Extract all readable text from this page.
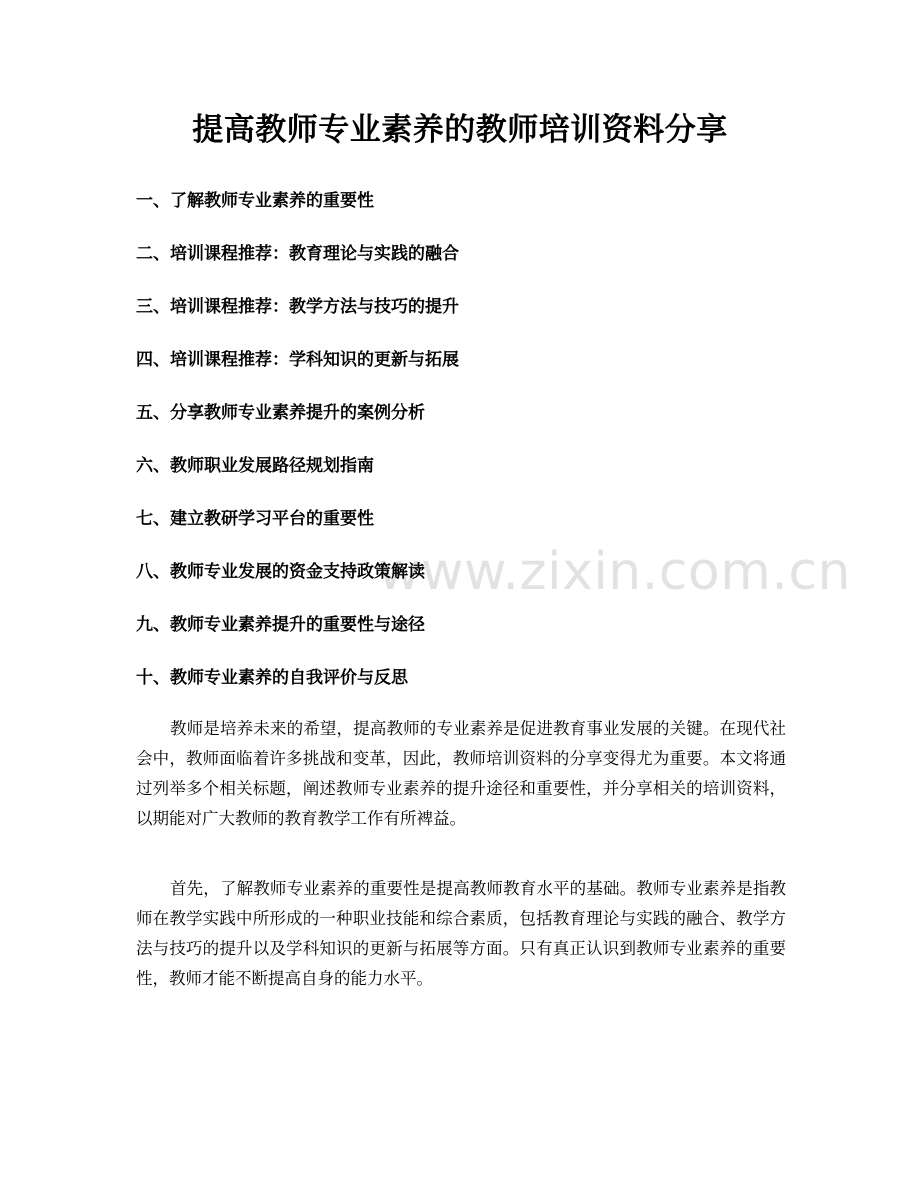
www.zixin.com.cn
提高教师专业素养的教师培训资料分享
一、了解教师专业素养的重要性
二、培训课程推荐：教育理论与实践的融合
三、培训课程推荐：教学方法与技巧的提升
四、培训课程推荐：学科知识的更新与拓展
五、分享教师专业素养提升的案例分析
六、教师职业发展路径规划指南
七、建立教研学习平台的重要性
八、教师专业发展的资金支持政策解读
九、教师专业素养提升的重要性与途径
十、教师专业素养的自我评价与反思

教师是培养未来的希望，提高教师的专业素养是促进教育事业发展的关键。在现代社会中，教师面临着许多挑战和变革，因此，教师培训资料的分享变得尤为重要。本文将通过列举多个相关标题，阐述教师专业素养的提升途径和重要性，并分享相关的培训资料，以期能对广大教师的教育教学工作有所裨益。

首先，了解教师专业素养的重要性是提高教师教育水平的基础。教师专业素养是指教师在教学实践中所形成的一种职业技能和综合素质，包括教育理论与实践的融合、教学方法与技巧的提升以及学科知识的更新与拓展等方面。只有真正认识到教师专业素养的重要性，教师才能不断提高自身的能力水平。
